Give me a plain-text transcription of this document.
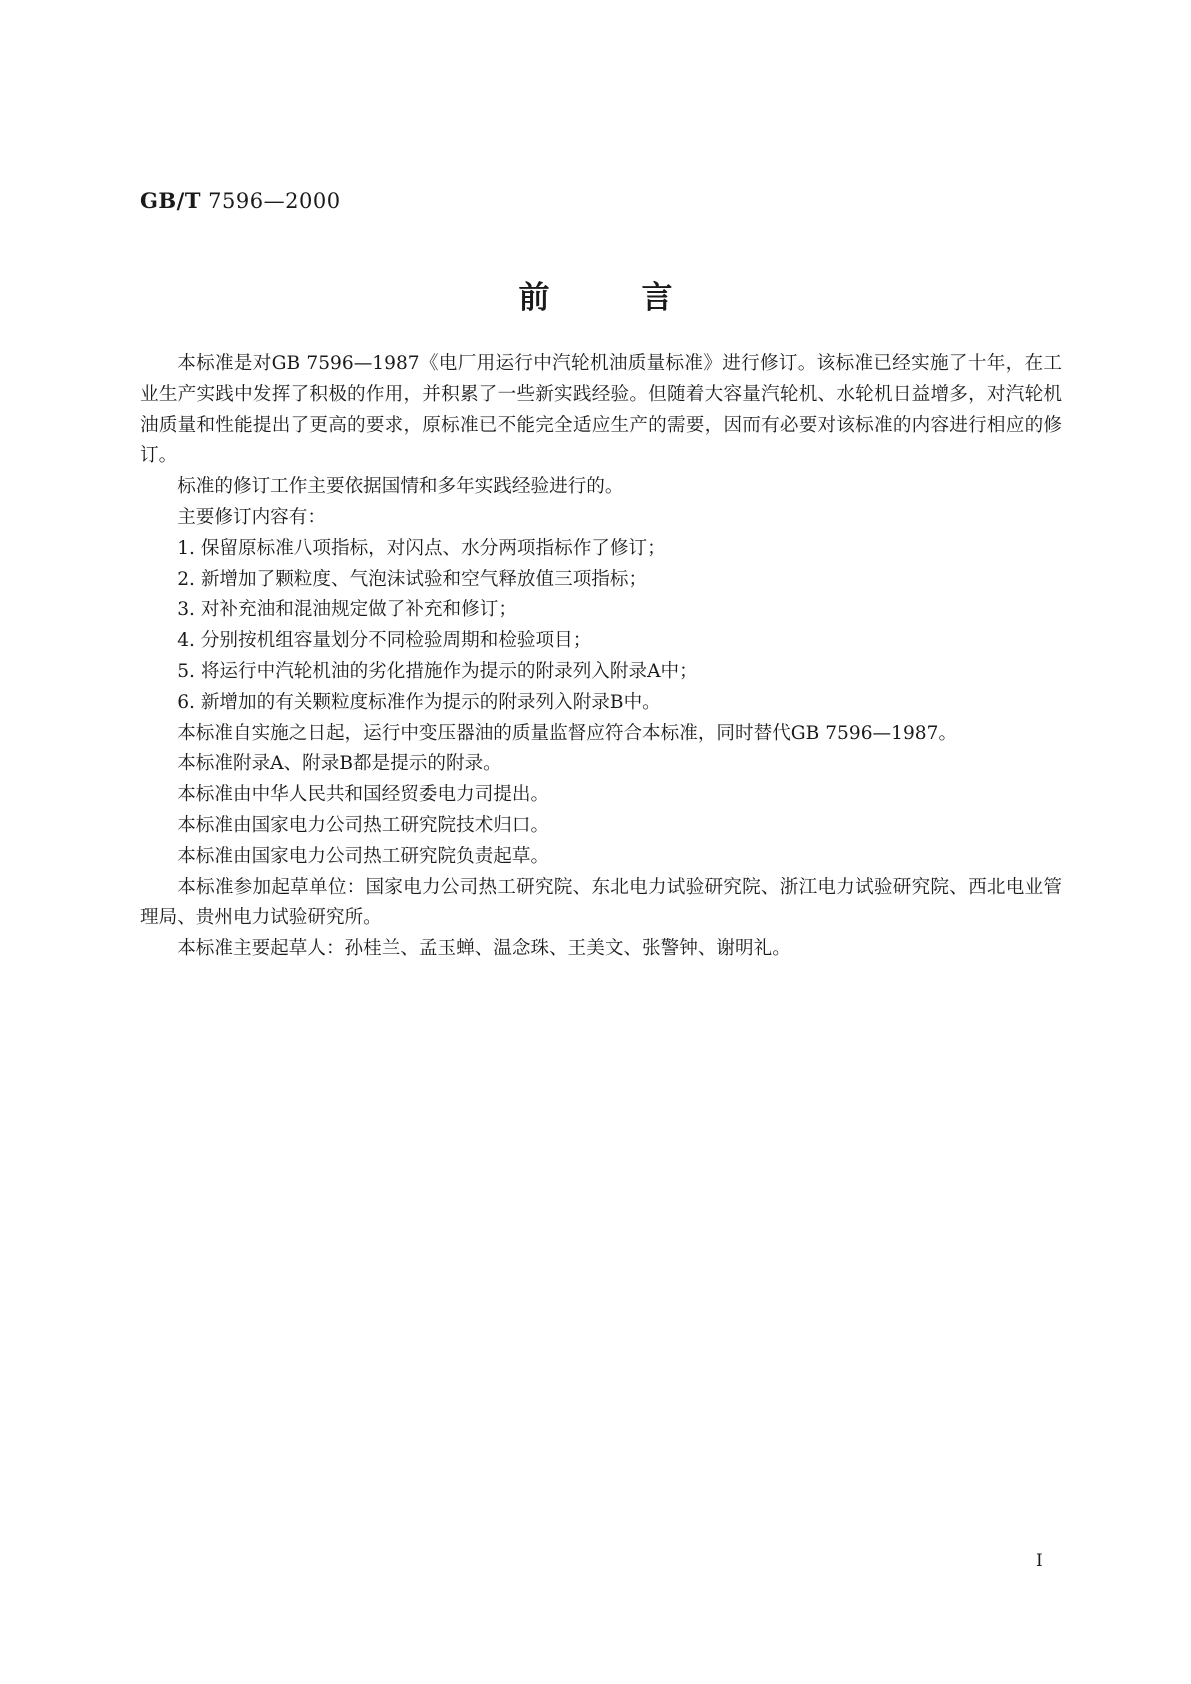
GB/T 7596—2000
前言

本标准是对GB 7596—1987《电厂用运行中汽轮机油质量标准》进行修订。该标准已经实施了十年，在工业生产实践中发挥了积极的作用，并积累了一些新实践经验。但随着大容量汽轮机、水轮机日益增多，对汽轮机油质量和性能提出了更高的要求，原标准已不能完全适应生产的需要，因而有必要对该标准的内容进行相应的修订。

标准的修订工作主要依据国情和多年实践经验进行的。

主要修订内容有：

1. 保留原标准八项指标，对闪点、水分两项指标作了修订；

2. 新增加了颗粒度、气泡沫试验和空气释放值三项指标；

3. 对补充油和混油规定做了补充和修订；

4. 分别按机组容量划分不同检验周期和检验项目；

5. 将运行中汽轮机油的劣化措施作为提示的附录列入附录A中；

6. 新增加的有关颗粒度标准作为提示的附录列入附录B中。

本标准自实施之日起，运行中变压器油的质量监督应符合本标准，同时替代GB 7596—1987。

本标准附录A、附录B都是提示的附录。

本标准由中华人民共和国经贸委电力司提出。

本标准由国家电力公司热工研究院技术归口。

本标准由国家电力公司热工研究院负责起草。

本标准参加起草单位：国家电力公司热工研究院、东北电力试验研究院、浙江电力试验研究院、西北电业管理局、贵州电力试验研究所。

本标准主要起草人：孙桂兰、孟玉蝉、温念珠、王美文、张警钟、谢明礼。

I
